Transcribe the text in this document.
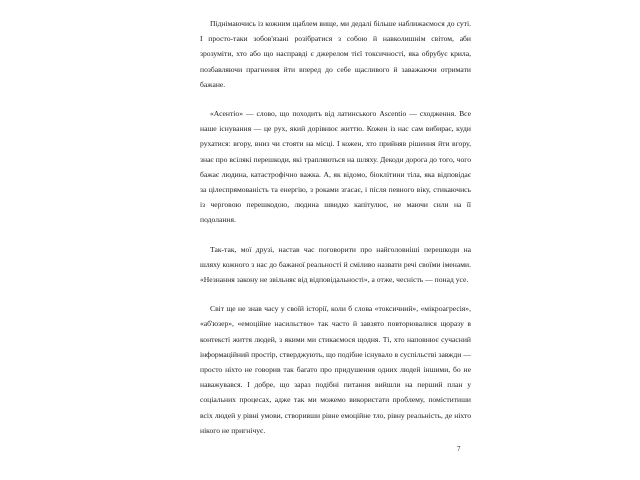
Піднімаючись із кожним щаблем вище, ми дедалі більше наближаємося до суті. І просто-таки зобов'язані розібратися з собою й навколишнім світом, аби зрозуміти, хто або що насправді є джерелом тієї токсичності, яка обрубує крила, позбавляючи прагнення йти вперед до себе щасливого й заважаючи отримати бажане.

«Асентіо» — слово, що походить від латинського Ascentio — сходження. Все наше існування — це рух, який дорівнює життю. Кожен із нас сам вибирає, куди рухатися: вгору, вниз чи стояти на місці. І кожен, хто прийняв рішення йти вгору, знає про всілякі перешкоди, які трапляються на шляху. Декоди дорога до того, чого бажає людина, катастрофічно важка. А, як відомо, біоклітини тіла, яка відповідає за цілеспрямованість та енергію, з роками згасає, і після певного віку, стикаючись із черговою перешкодою, людина швидко капітулює, не маючи сили на її подолання.

Так-так, мої друзі, настав час поговорити про найголовніші перешкоди на шляху кожного з нас до бажаної реальності й сміливо назвати речі своїми іменами. «Незнання закону не звільняє від відповідальності», а отже, чесність — понад усе.

Світ ще не знав часу у своїй історії, коли б слова «токсичний», «мікроагресія», «аб'юзер», «емоційне насильство» так часто й завзято повторювалися щоразу в контексті життя людей, з якими ми стикаємося щодня. Ті, хто наповнює сучасний інформаційний простір, стверджують, що подібне існувало в суспільстві завжди — просто ніхто не говорив так багато про придушення одних людей іншими, бо не наважувався. І добре, що зараз подібні питання вийшли на перший план у соціальних процесах, адже так ми можемо використати проблему, поміститиши всіх людей у рівні умови, створивши рівне емоційне тло, рівну реальність, де ніхто нікого не пригнічує.

7
